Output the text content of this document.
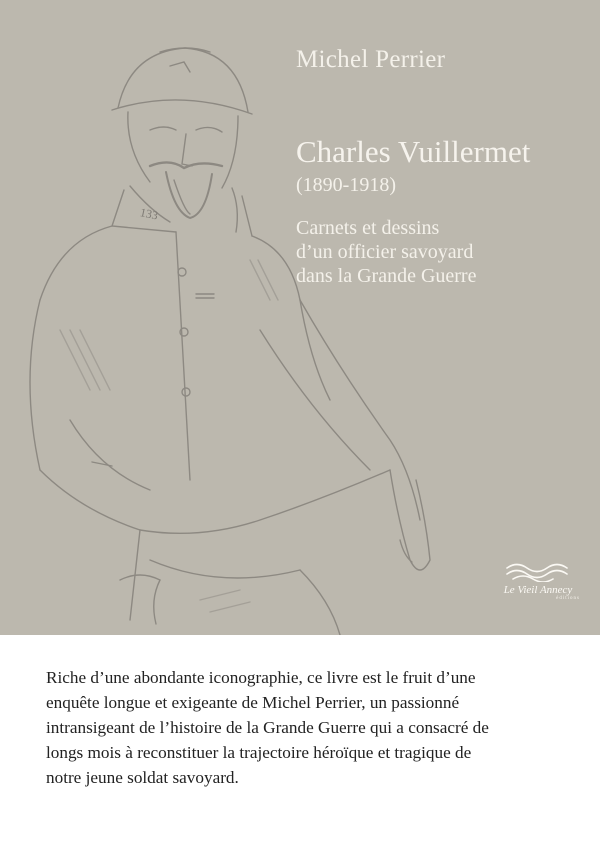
133
Michel Perrier
Charles Vuillermet
(1890-1918)
Carnets et dessins
d’un officier savoyard
dans la Grande Guerre
Le Vieil Annecy
éditions
Riche d’une abondante iconographie, ce livre est le fruit d’une
enquête longue et exigeante de Michel Perrier, un passionné
intransigeant de l’histoire de la Grande Guerre qui a consacré de
longs mois à reconstituer la trajectoire héroïque et tragique de
notre jeune soldat savoyard.
